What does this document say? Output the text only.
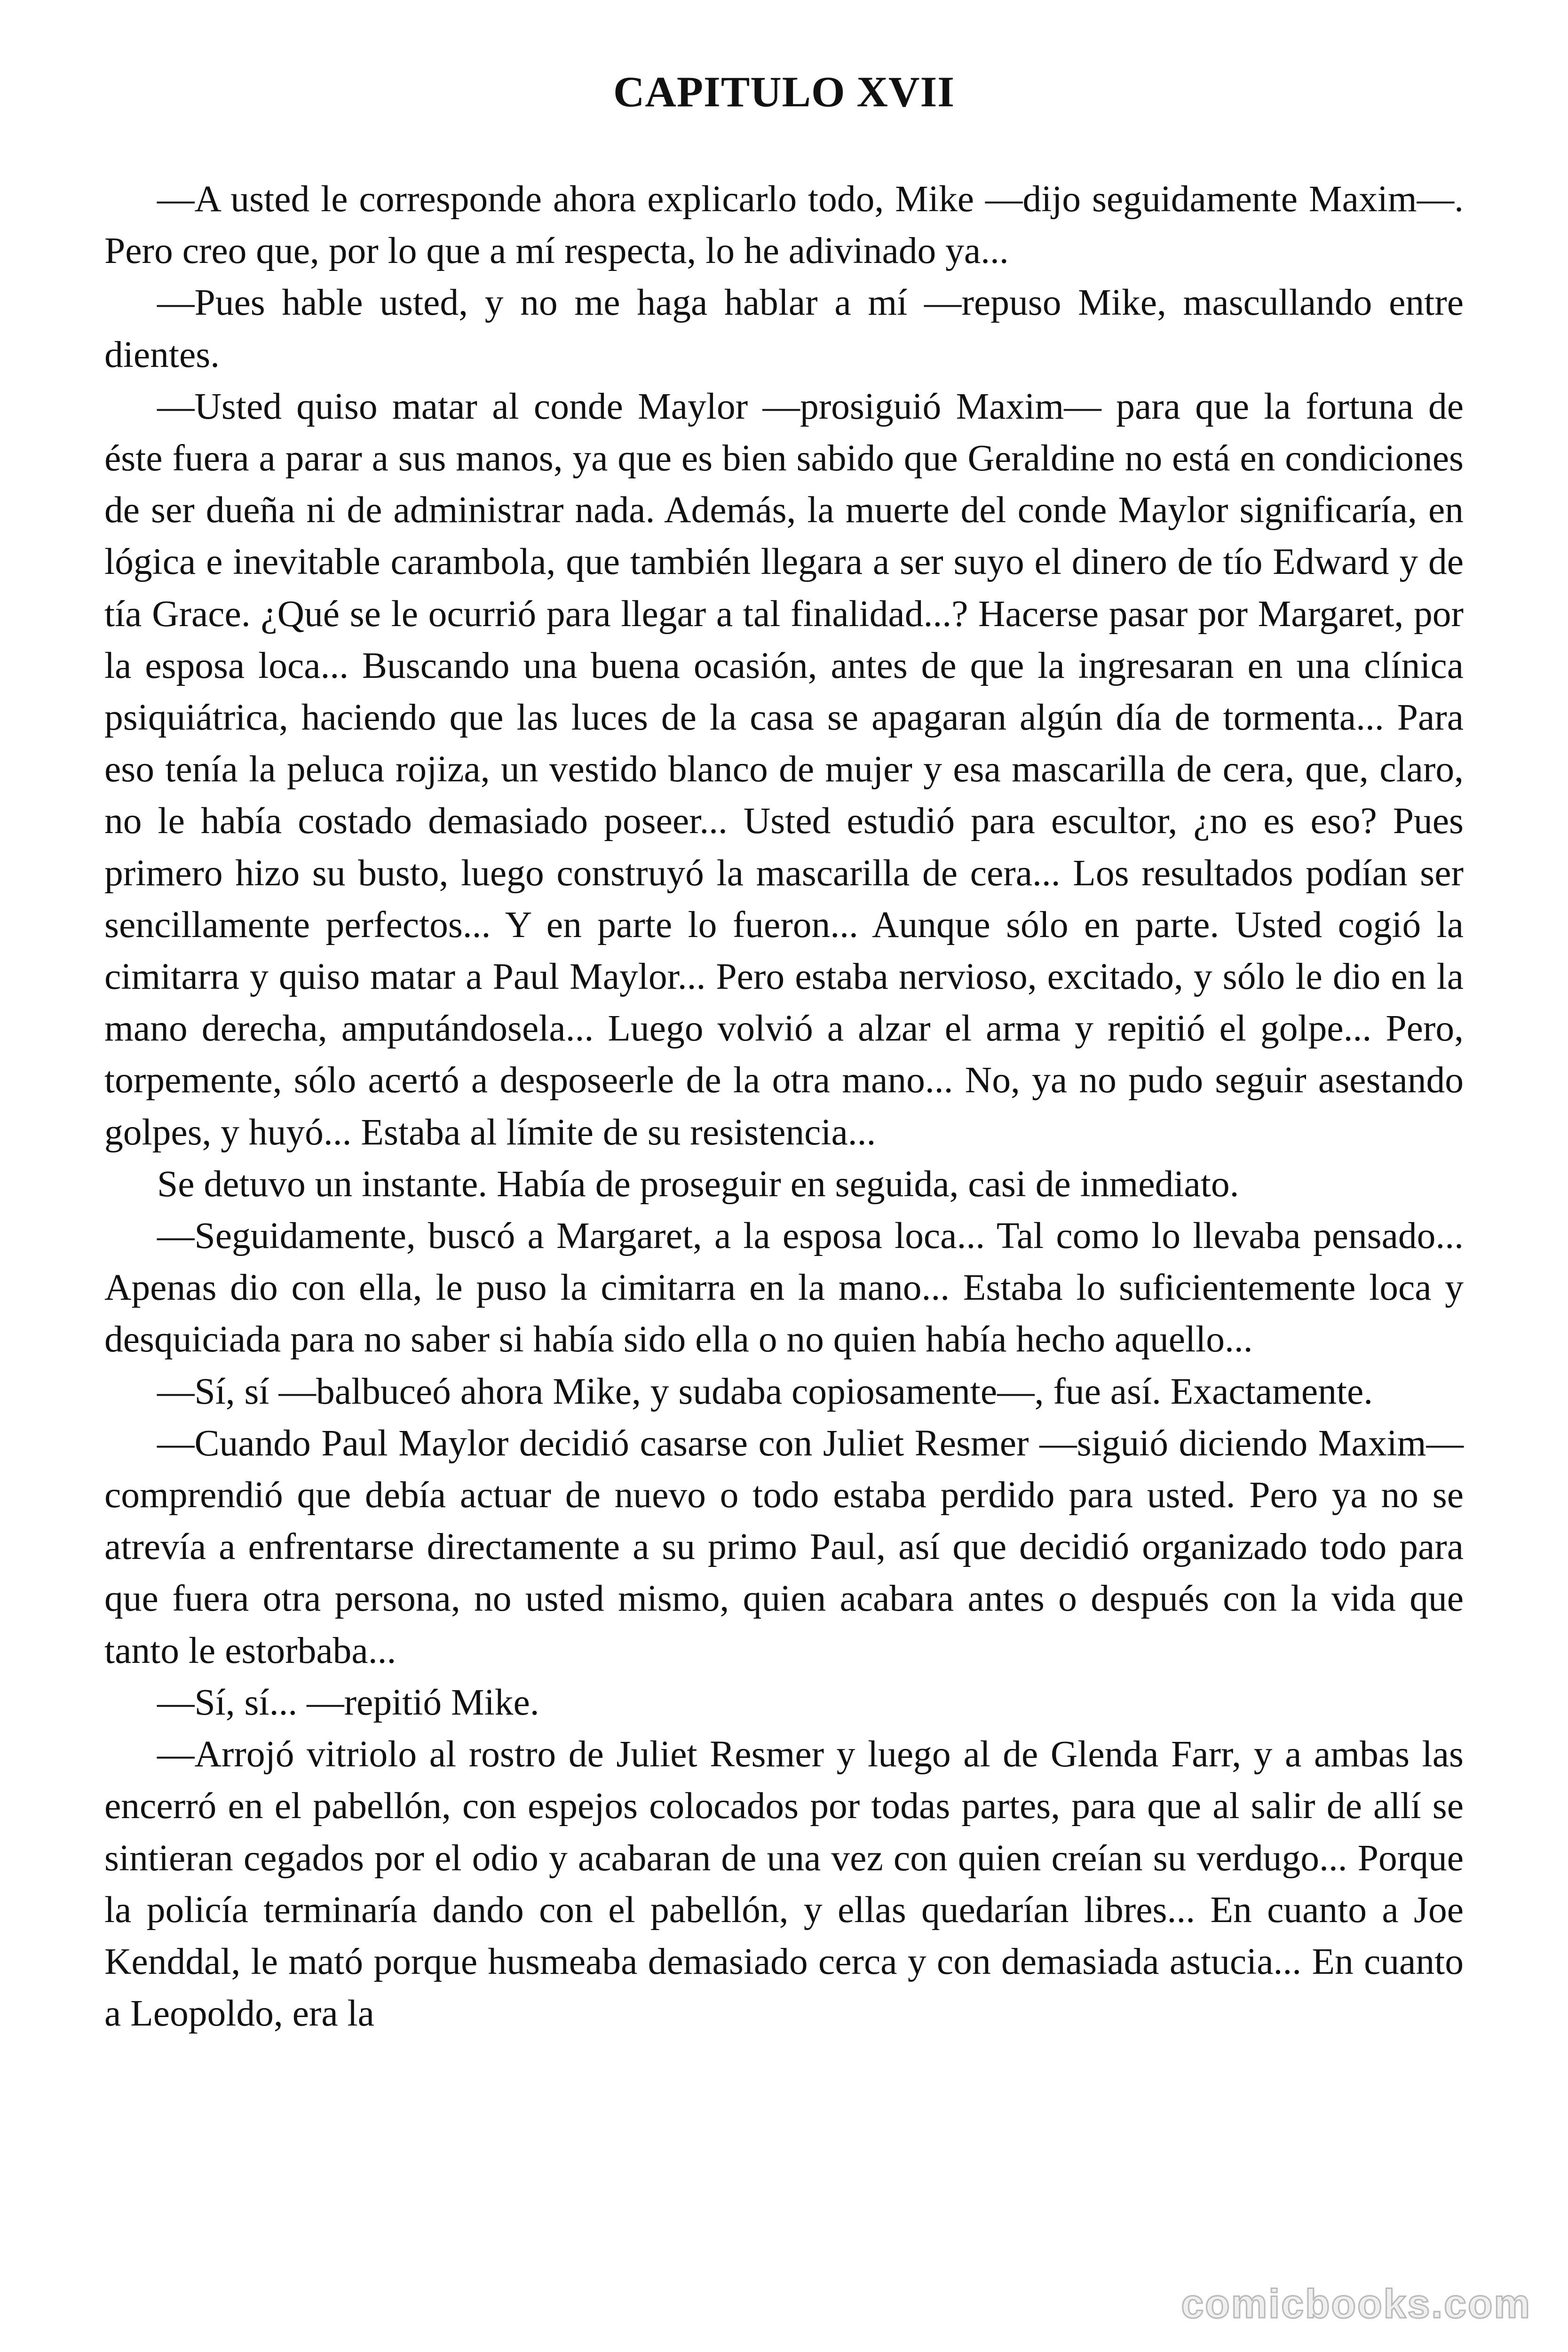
CAPITULO XVII

—A usted le corresponde ahora explicarlo todo, Mike —dijo seguidamente Maxim—. Pero creo que, por lo que a mí respecta, lo he adivinado ya...

—Pues hable usted, y no me haga hablar a mí —repuso Mike, mascullando entre dientes.

—Usted quiso matar al conde Maylor —prosiguió Maxim— para que la fortuna de éste fuera a parar a sus manos, ya que es bien sabido que Geraldine no está en condiciones de ser dueña ni de administrar nada. Además, la muerte del conde Maylor significaría, en lógica e inevitable carambola, que también llegara a ser suyo el dinero de tío Edward y de tía Grace. ¿Qué se le ocurrió para llegar a tal finalidad...? Hacerse pasar por Margaret, por la esposa loca... Buscando una buena ocasión, antes de que la ingresaran en una clínica psiquiátrica, haciendo que las luces de la casa se apagaran algún día de tormenta... Para eso tenía la peluca rojiza, un vestido blanco de mujer y esa mascarilla de cera, que, claro, no le había costado demasiado poseer... Usted estudió para escultor, ¿no es eso? Pues primero hizo su busto, luego construyó la mascarilla de cera... Los resultados podían ser sencillamente perfectos... Y en parte lo fueron... Aunque sólo en parte. Usted cogió la cimitarra y quiso matar a Paul Maylor... Pero estaba nervioso, excitado, y sólo le dio en la mano derecha, amputándosela... Luego volvió a alzar el arma y repitió el golpe... Pero, torpemente, sólo acertó a desposeerle de la otra mano... No, ya no pudo seguir asestando golpes, y huyó... Estaba al límite de su resistencia...

Se detuvo un instante. Había de proseguir en seguida, casi de inmediato.

—Seguidamente, buscó a Margaret, a la esposa loca... Tal como lo llevaba pensado... Apenas dio con ella, le puso la cimitarra en la mano... Estaba lo suficientemente loca y desquiciada para no saber si había sido ella o no quien había hecho aquello...

—Sí, sí —balbuceó ahora Mike, y sudaba copiosamente—, fue así. Exactamente.

—Cuando Paul Maylor decidió casarse con Juliet Resmer —siguió diciendo Maxim— comprendió que debía actuar de nuevo o todo estaba perdido para usted. Pero ya no se atrevía a enfrentarse directamente a su primo Paul, así que decidió organizado todo para que fuera otra persona, no usted mismo, quien acabara antes o después con la vida que tanto le estorbaba...

—Sí, sí... —repitió Mike.

—Arrojó vitriolo al rostro de Juliet Resmer y luego al de Glenda Farr, y a ambas las encerró en el pabellón, con espejos colocados por todas partes, para que al salir de allí se sintieran cegados por el odio y acabaran de una vez con quien creían su verdugo... Porque la policía terminaría dando con el pabellón, y ellas quedarían libres... En cuanto a Joe Kenddal, le mató porque husmeaba demasiado cerca y con demasiada astucia... En cuanto a Leopoldo, era la

comicbooks.com
